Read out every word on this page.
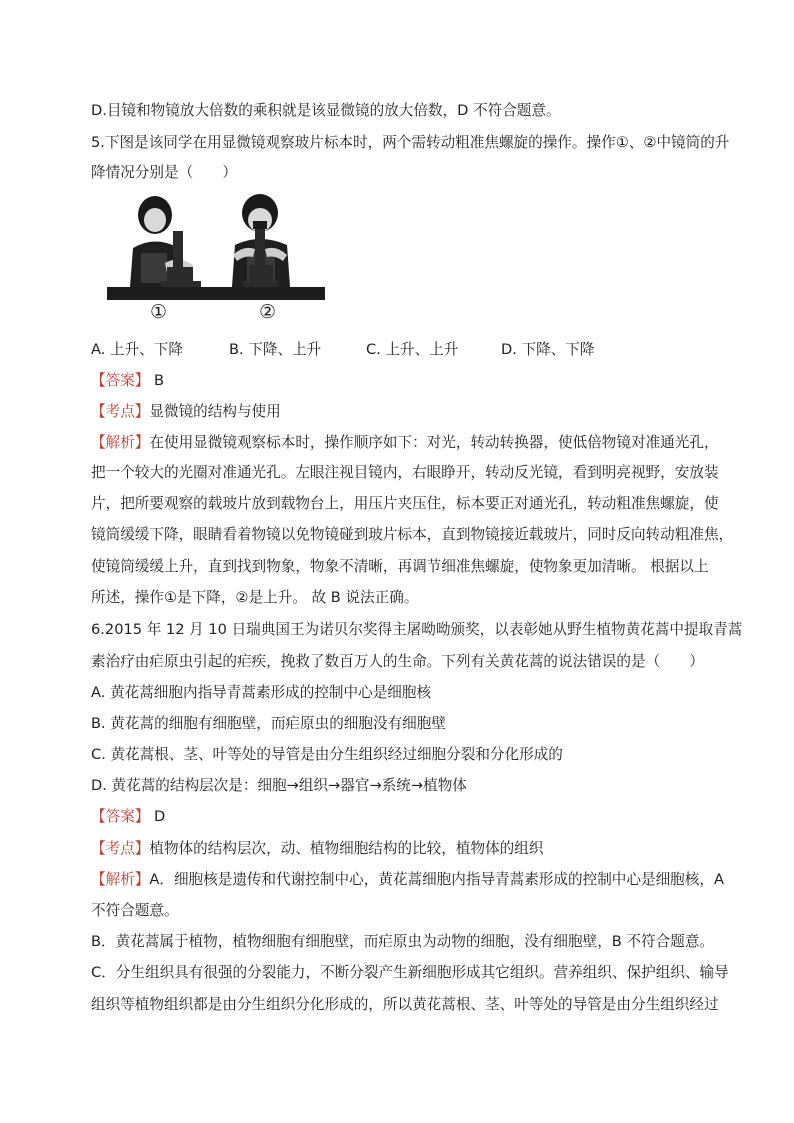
D.目镜和物镜放大倍数的乘积就是该显微镜的放大倍数，D 不符合题意。
5.下图是该同学在用显微镜观察玻片标本时，两个需转动粗准焦螺旋的操作。操作①、②中镜筒的升
降情况分别是（　　）
①	②
A. 上升、下降	B. 下降、上升	C. 上升、上升	D. 下降、下降
【答案】 B
【考点】显微镜的结构与使用
【解析】在使用显微镜观察标本时，操作顺序如下：对光，转动转换器，使低倍物镜对准通光孔，
把一个较大的光圈对准通光孔。左眼注视目镜内，右眼睁开，转动反光镜，看到明亮视野，安放装
片，把所要观察的载玻片放到载物台上，用压片夹压住，标本要正对通光孔，转动粗准焦螺旋，使
镜筒缓缓下降，眼睛看着物镜以免物镜碰到玻片标本，直到物镜接近载玻片，同时反向转动粗准焦，
使镜筒缓缓上升，直到找到物象，物象不清晰，再调节细准焦螺旋，使物象更加清晰。 根据以上
所述，操作①是下降，②是上升。 故 B 说法正确。
6.2015 年 12 月 10 日瑞典国王为诺贝尔奖得主屠呦呦颁奖，以表彰她从野生植物黄花蒿中提取青蒿
素治疗由疟原虫引起的疟疾，挽救了数百万人的生命。下列有关黄花蒿的说法错误的是（　　）
A. 黄花蒿细胞内指导青蒿素形成的控制中心是细胞核
B. 黄花蒿的细胞有细胞壁，而疟原虫的细胞没有细胞壁
C. 黄花蒿根、茎、叶等处的导管是由分生组织经过细胞分裂和分化形成的
D. 黄花蒿的结构层次是：细胞→组织→器官→系统→植物体
【答案】 D
【考点】植物体的结构层次，动、植物细胞结构的比较，植物体的组织
【解析】A．细胞核是遗传和代谢控制中心，黄花蒿细胞内指导青蒿素形成的控制中心是细胞核，A
不符合题意。
B．黄花蒿属于植物，植物细胞有细胞壁，而疟原虫为动物的细胞，没有细胞壁，B 不符合题意。
C．分生组织具有很强的分裂能力，不断分裂产生新细胞形成其它组织。营养组织、保护组织、输导
组织等植物组织都是由分生组织分化形成的，所以黄花蒿根、茎、叶等处的导管是由分生组织经过
